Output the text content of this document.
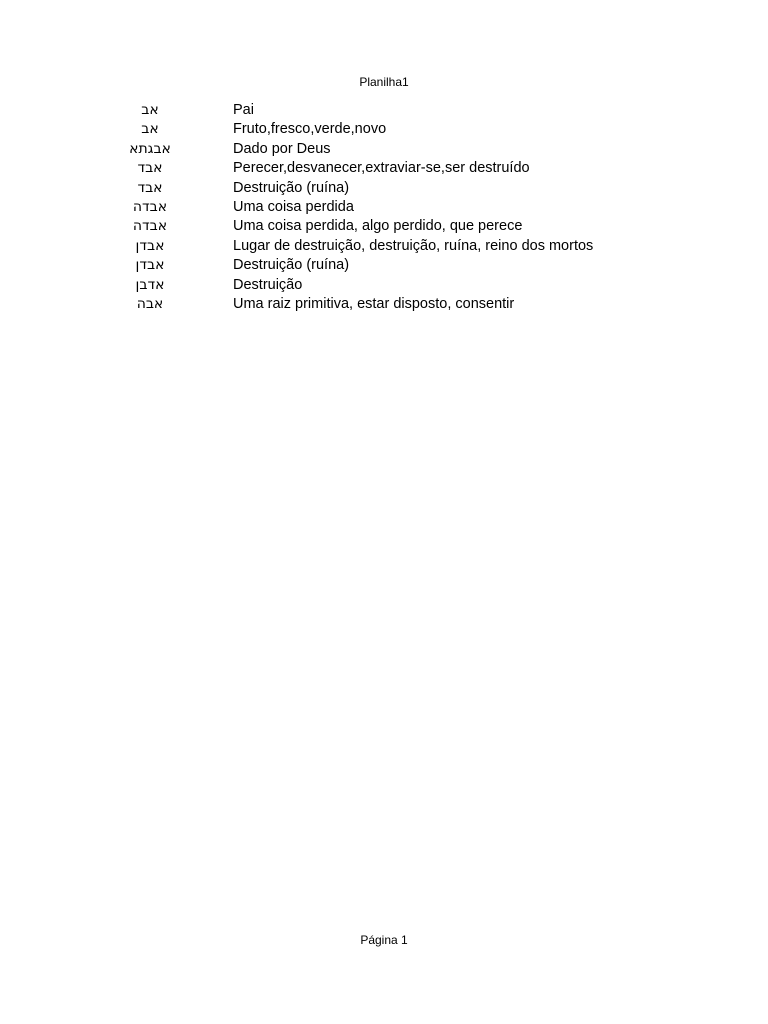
Planilha1
אב	Pai
אב	Fruto,fresco,verde,novo
אבגתא	Dado por Deus
אבד	Perecer,desvanecer,extraviar-se,ser destruído
אבד	Destruição (ruína)
אבדה	Uma coisa perdida
אבדה	Uma coisa perdida, algo perdido, que perece
אבדן	Lugar de destruição, destruição, ruína, reino dos mortos
אבדן	Destruição (ruína)
אדבן	Destruição
אבה	Uma raiz primitiva, estar disposto, consentir
Página 1
